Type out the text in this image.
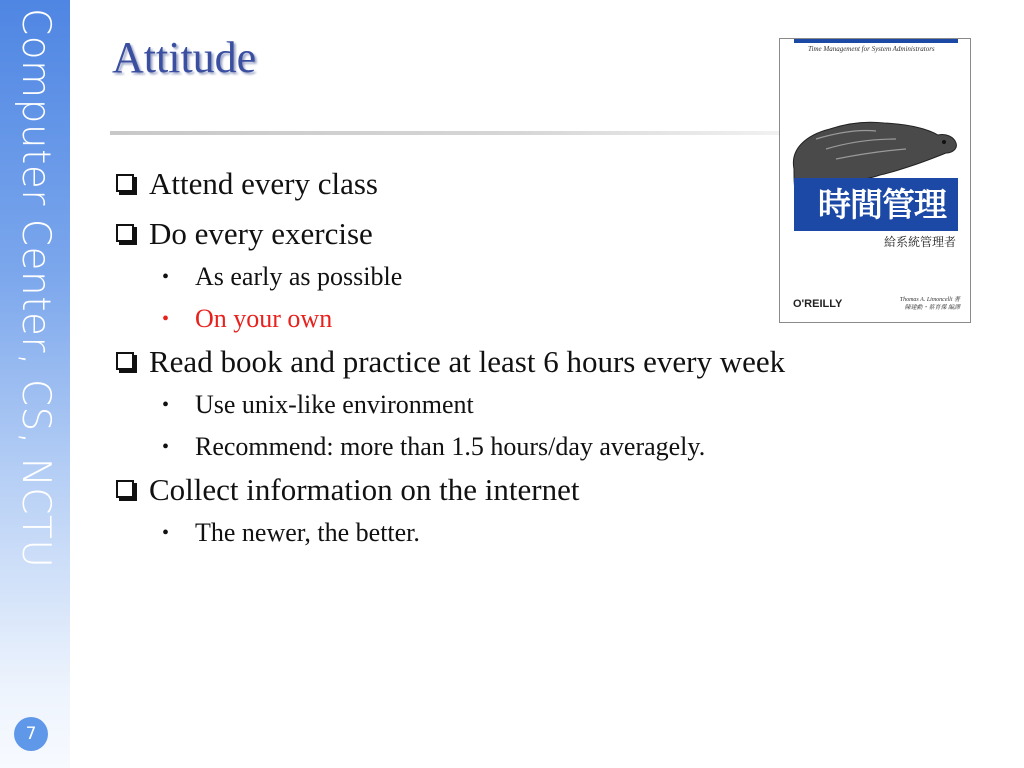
Computer Center, CS, NCTU
7
Attitude
Attend every class
Do every exercise
• As early as possible
• On your own
Read book and practice at least 6 hours every week
• Use unix-like environment
• Recommend: more than 1.5 hours/day averagely.
Collect information on the internet
• The newer, the better.
Time Management for System Administrators
時間管理
給系統管理者
O'REILLY	Thomas A. Limoncelli 著
陳建勳・蔡育傑 編譯
